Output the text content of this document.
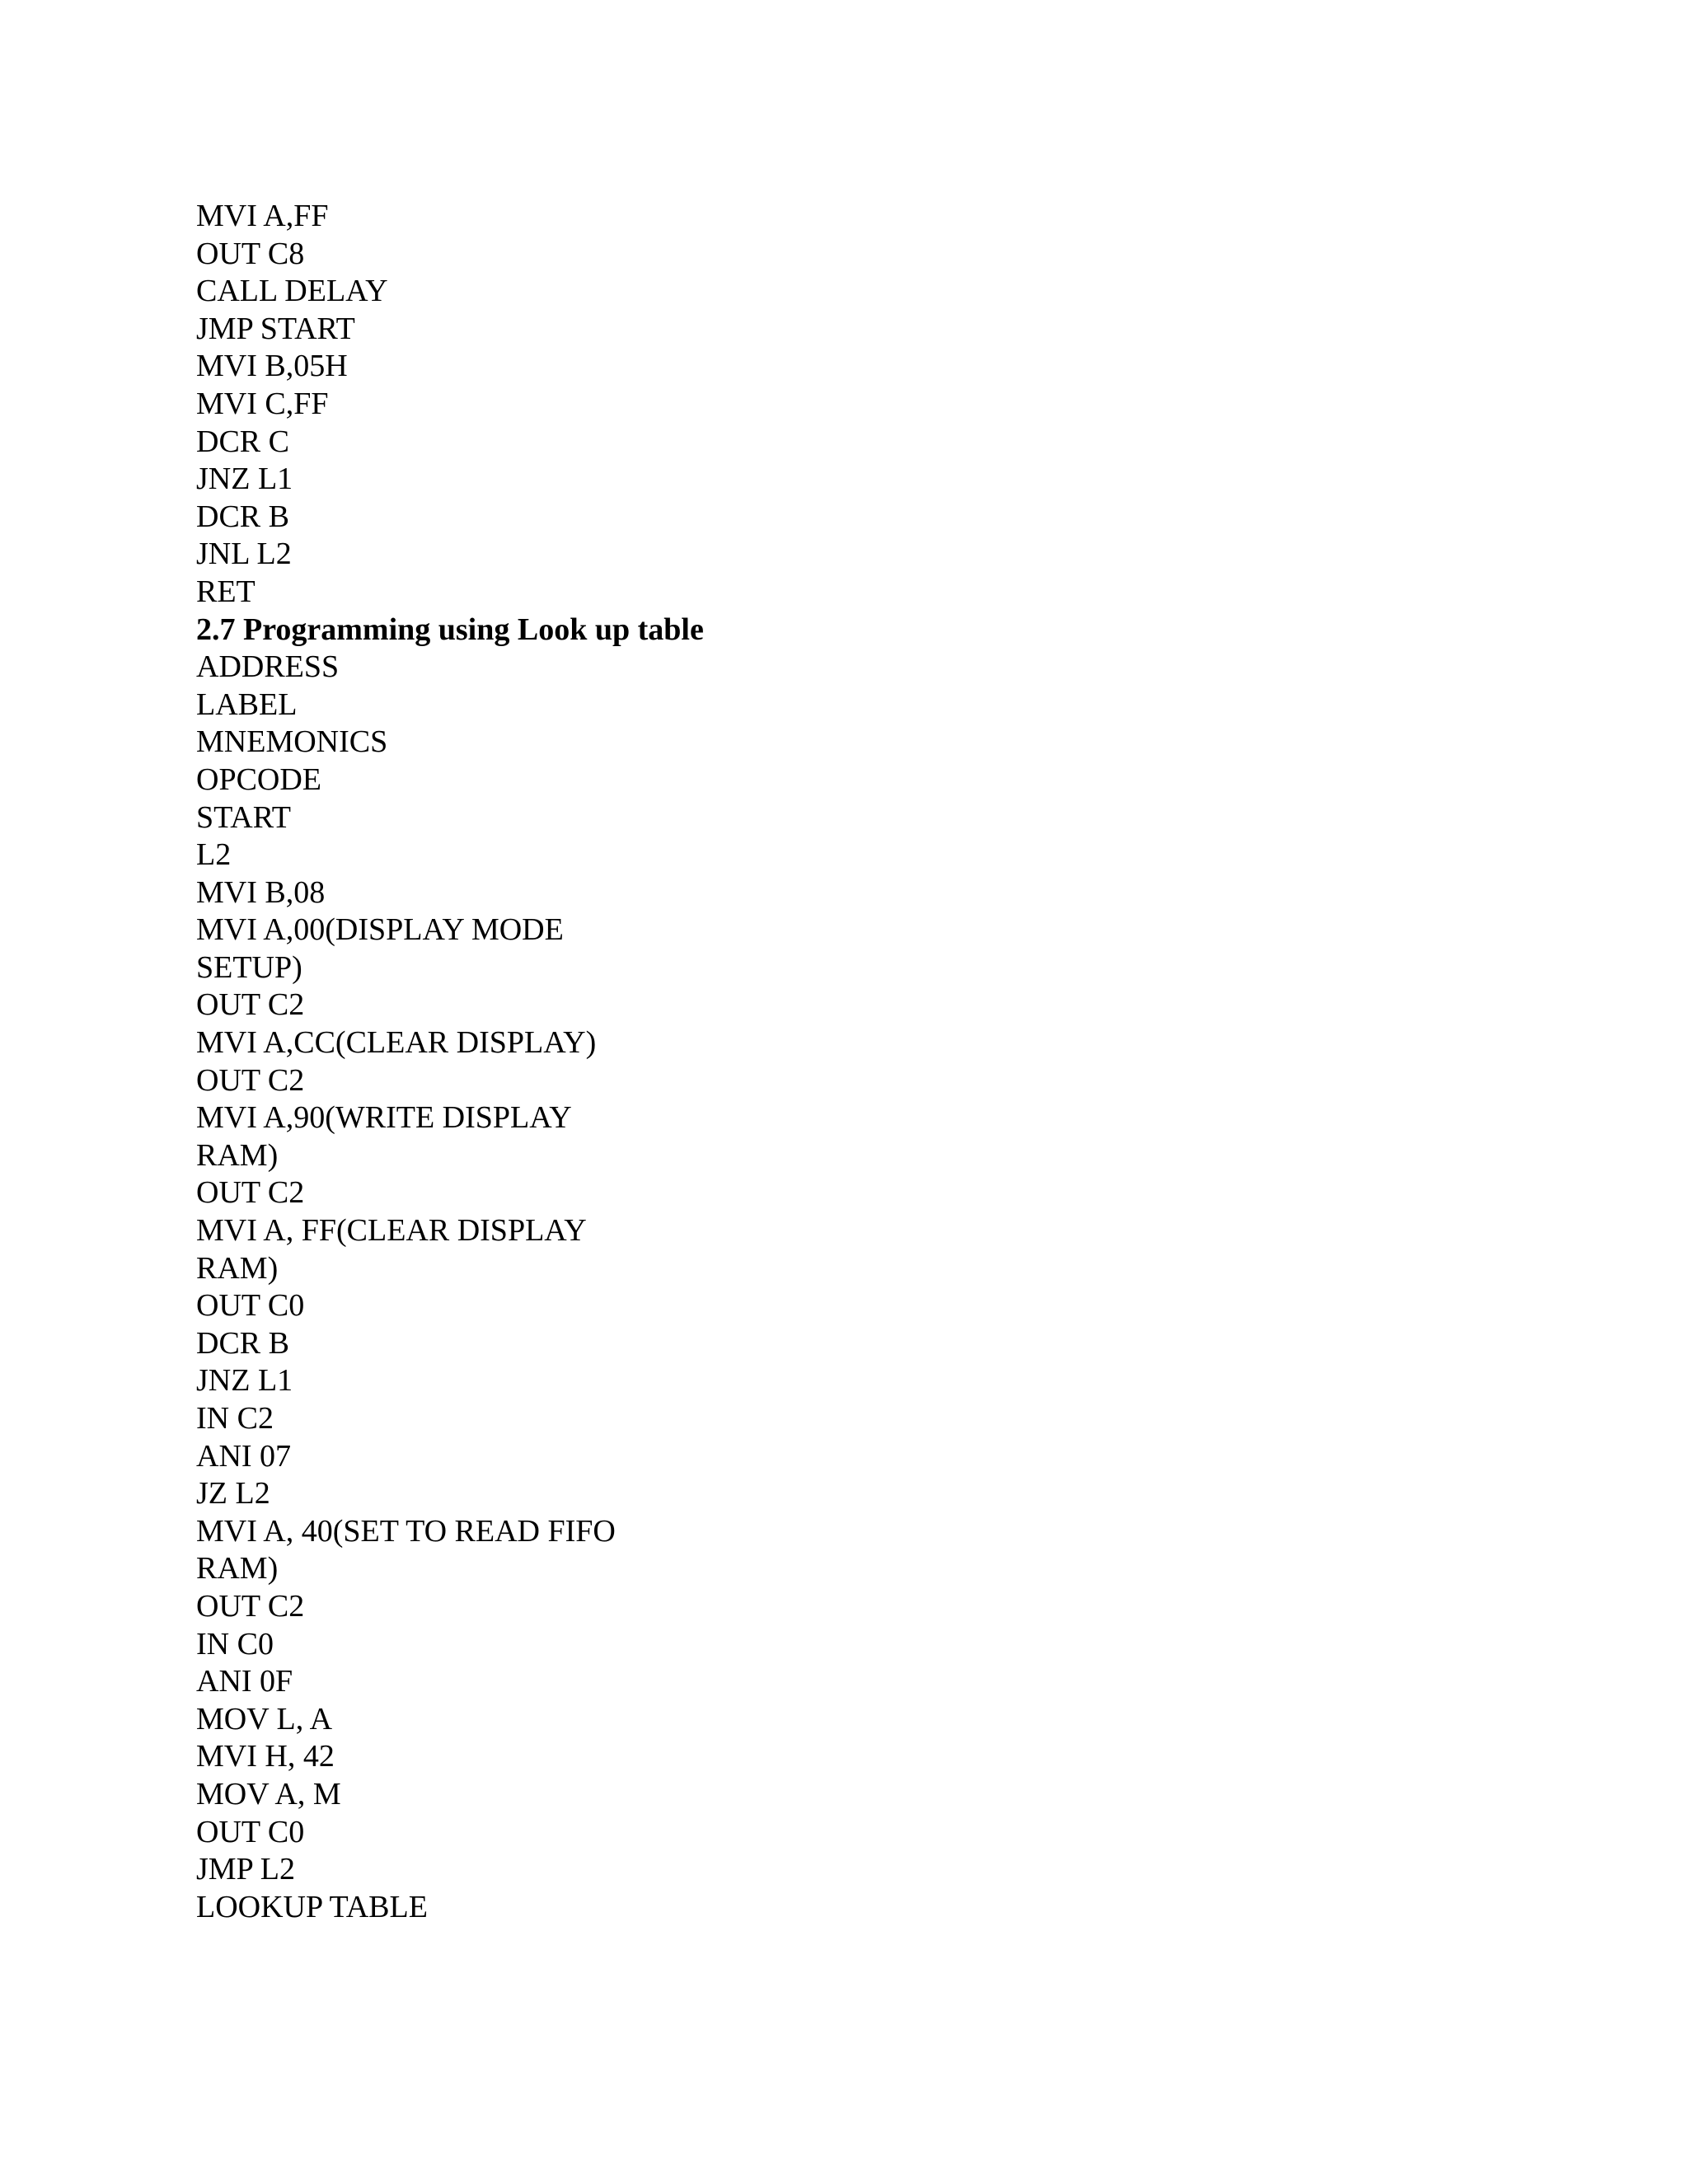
MVI A,FF
OUT C8
CALL DELAY
JMP START
MVI B,05H
MVI C,FF
DCR C
JNZ L1
DCR B
JNL L2
RET
2.7 Programming using Look up table
ADDRESS
LABEL
MNEMONICS
OPCODE
START
L2
MVI B,08
MVI A,00(DISPLAY MODE
SETUP)
OUT C2
MVI A,CC(CLEAR DISPLAY)
OUT C2
MVI A,90(WRITE DISPLAY
RAM)
OUT C2
MVI A, FF(CLEAR DISPLAY
RAM)
OUT C0
DCR B
JNZ L1
IN C2
ANI 07
JZ L2
MVI A, 40(SET TO READ FIFO
RAM)
OUT C2
IN C0
ANI 0F
MOV L, A
MVI H, 42
MOV A, M
OUT C0
JMP L2
LOOKUP TABLE
